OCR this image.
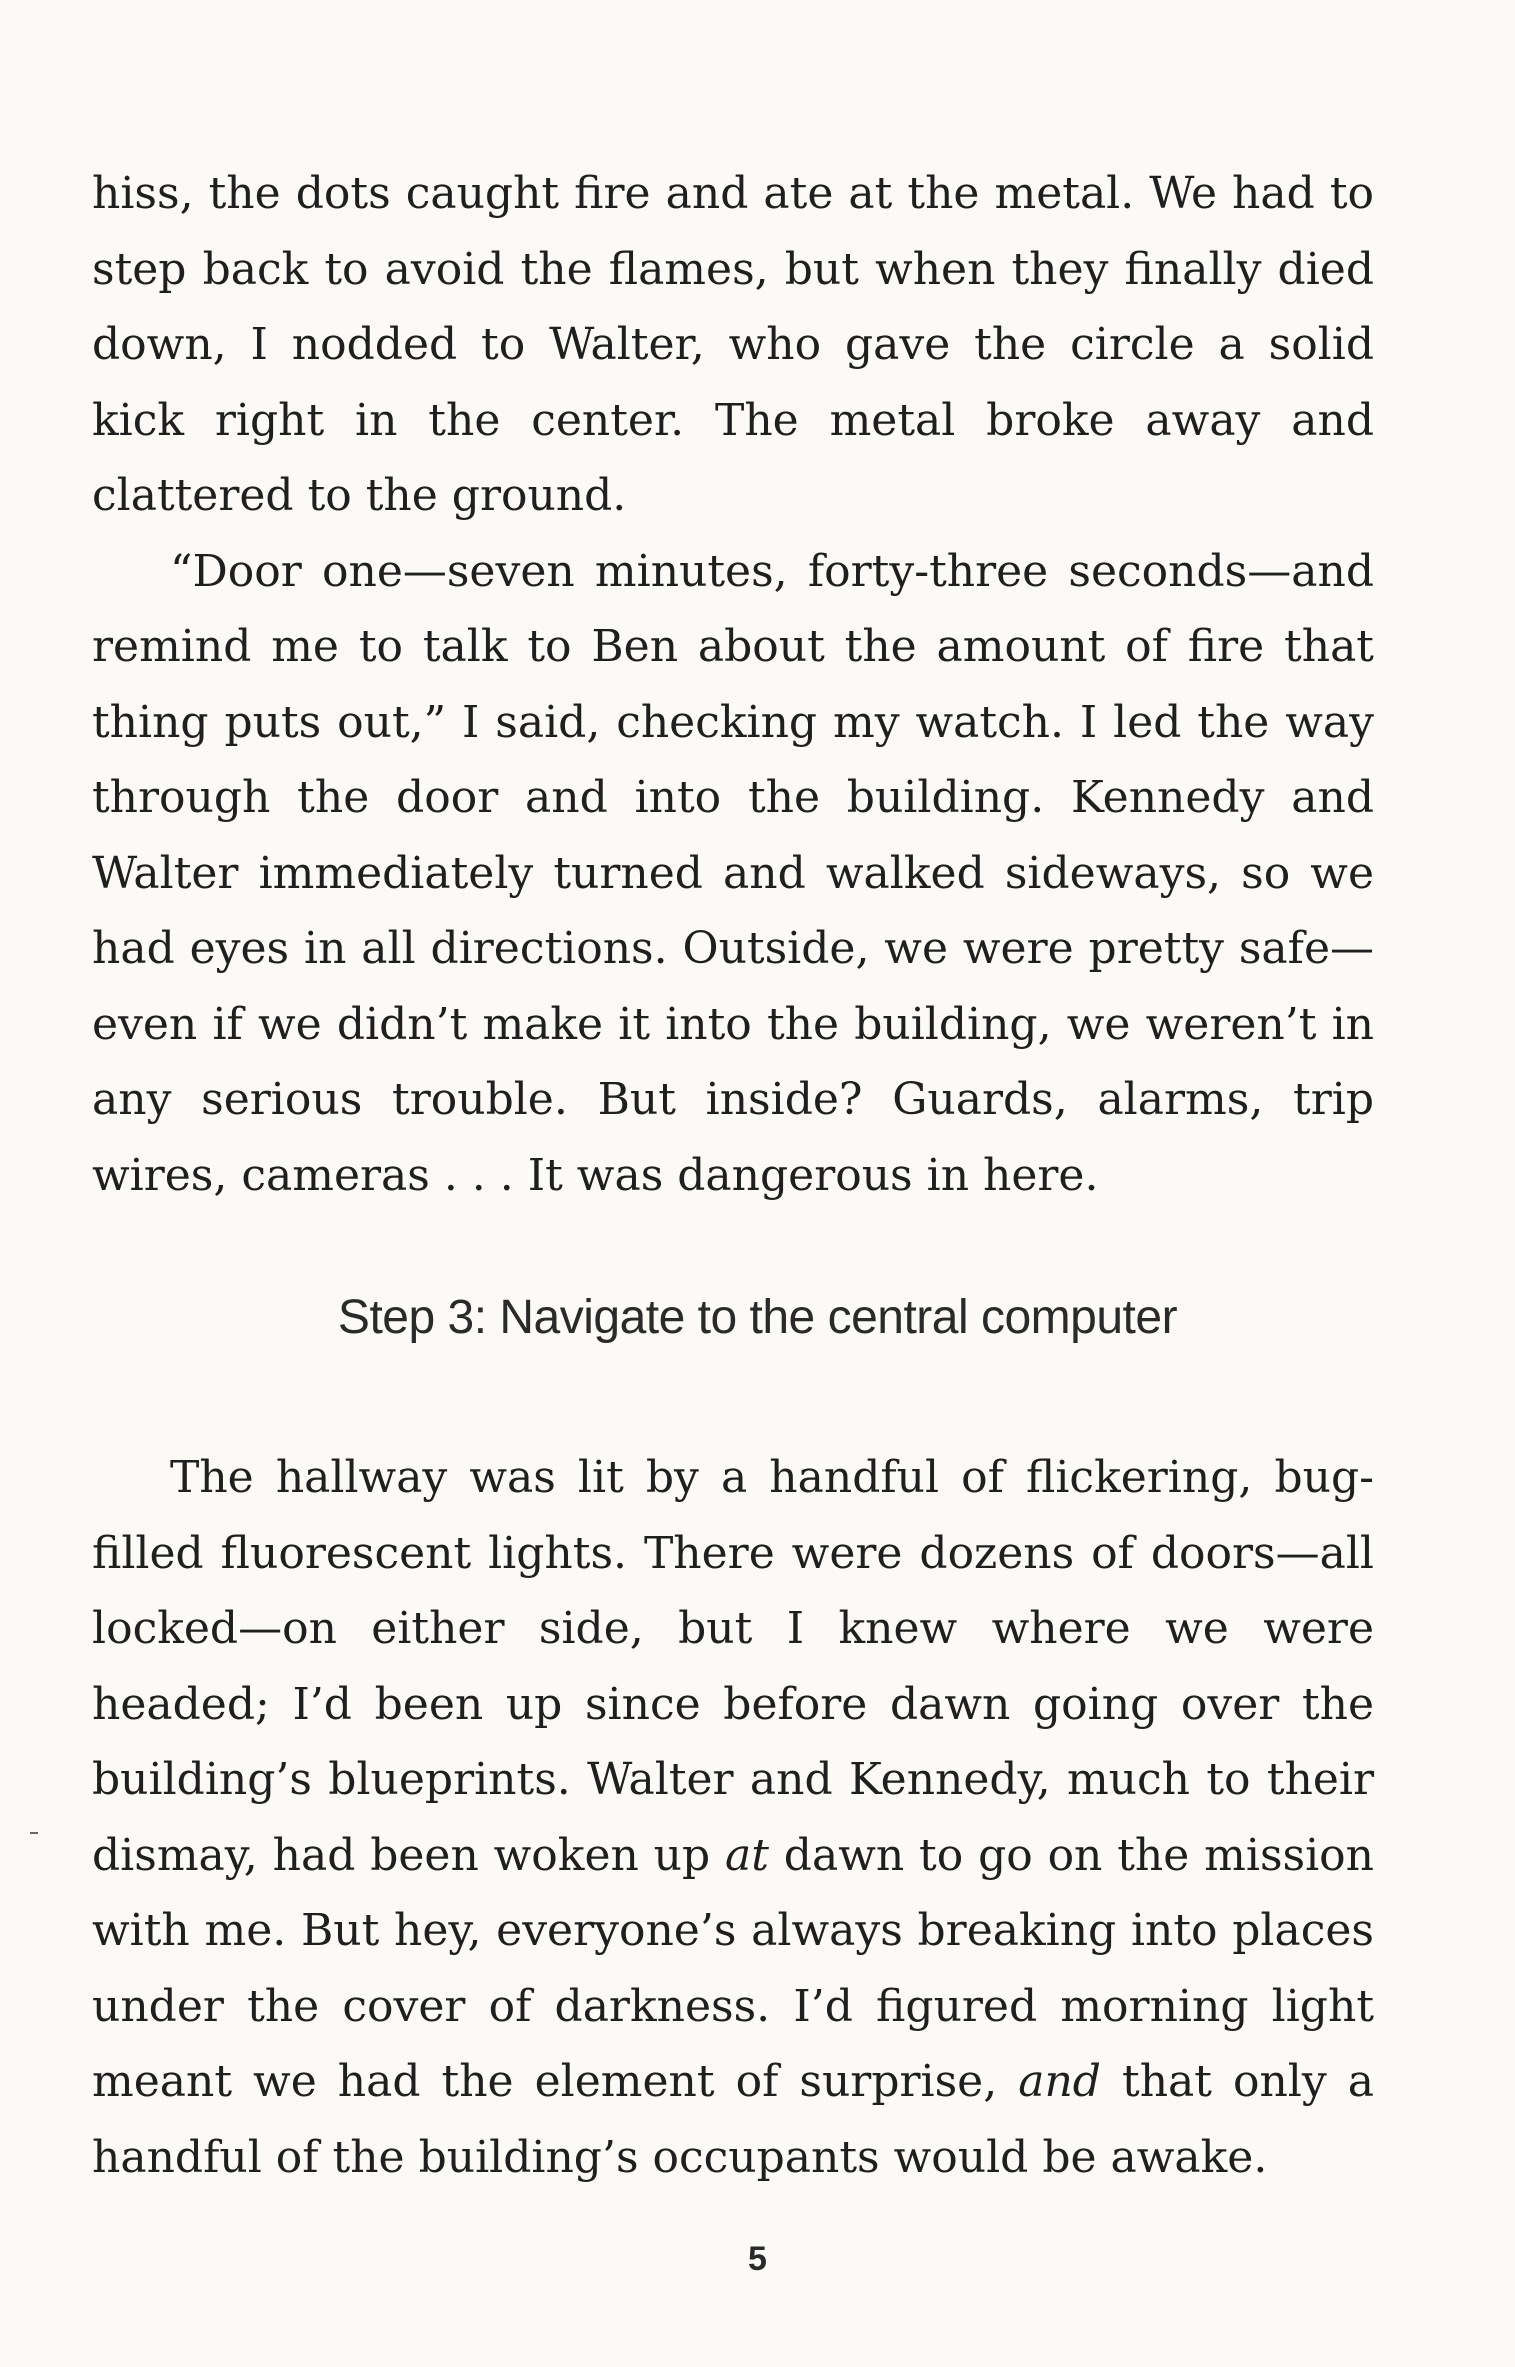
hiss, the dots caught fire and ate at the metal. We had to step back to avoid the flames, but when they finally died down, I nodded to Walter, who gave the circle a solid kick right in the center. The metal broke away and clattered to the ground.

“Door one—seven minutes, forty-three seconds—and remind me to talk to Ben about the amount of fire that thing puts out,” I said, checking my watch. I led the way through the door and into the building. Kennedy and Walter immediately turned and walked sideways, so we had eyes in all directions. Outside, we were pretty safe—even if we didn’t make it into the building, we weren’t in any serious trouble. But inside? Guards, alarms, trip wires, cameras . . . It was dangerous in here.

Step 3: Navigate to the central computer

The hallway was lit by a handful of flickering, bug-filled fluorescent lights. There were dozens of doors—all locked—on either side, but I knew where we were headed; I’d been up since before dawn going over the building’s blueprints. Walter and Kennedy, much to their dismay, had been woken up at dawn to go on the mission with me. But hey, everyone’s always breaking into places under the cover of darkness. I’d figured morning light meant we had the element of surprise, and that only a handful of the building’s occupants would be awake.

5
